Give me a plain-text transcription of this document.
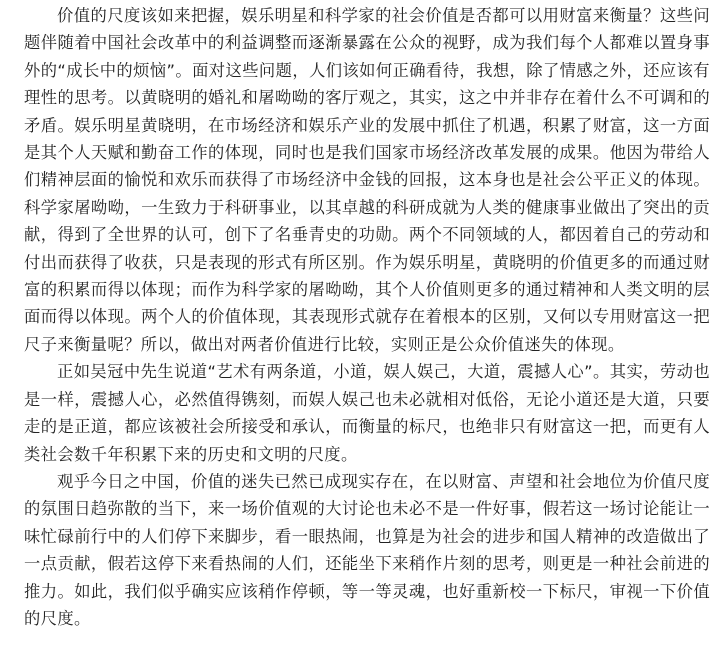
价值的尺度该如来把握，娱乐明星和科学家的社会价值是否都可以用财富来衡量？这些问题伴随着中国社会改革中的利益调整而逐渐暴露在公众的视野，成为我们每个人都难以置身事外的“成长中的烦恼”。面对这些问题，人们该如何正确看待，我想，除了情感之外，还应该有理性的思考。以黄晓明的婚礼和屠呦呦的客厅观之，其实，这之中并非存在着什么不可调和的矛盾。娱乐明星黄晓明，在市场经济和娱乐产业的发展中抓住了机遇，积累了财富，这一方面是其个人天赋和勤奋工作的体现，同时也是我们国家市场经济改革发展的成果。他因为带给人们精神层面的愉悦和欢乐而获得了市场经济中金钱的回报，这本身也是社会公平正义的体现。科学家屠呦呦，一生致力于科研事业，以其卓越的科研成就为人类的健康事业做出了突出的贡献，得到了全世界的认可，创下了名垂青史的功勋。两个不同领域的人，都因着自己的劳动和付出而获得了收获，只是表现的形式有所区别。作为娱乐明星，黄晓明的价值更多的而通过财富的积累而得以体现；而作为科学家的屠呦呦，其个人价值则更多的通过精神和人类文明的层面而得以体现。两个人的价值体现，其表现形式就存在着根本的区别，又何以专用财富这一把尺子来衡量呢？所以，做出对两者价值进行比较，实则正是公众价值迷失的体现。

正如吴冠中先生说道“艺术有两条道，小道，娱人娱己，大道，震撼人心”。其实，劳动也是一样，震撼人心，必然值得镌刻，而娱人娱己也未必就相对低俗，无论小道还是大道，只要走的是正道，都应该被社会所接受和承认，而衡量的标尺，也绝非只有财富这一把，而更有人类社会数千年积累下来的历史和文明的尺度。

观乎今日之中国，价值的迷失已然已成现实存在，在以财富、声望和社会地位为价值尺度的氛围日趋弥散的当下，来一场价值观的大讨论也未必不是一件好事，假若这一场讨论能让一味忙碌前行中的人们停下来脚步，看一眼热闹，也算是为社会的进步和国人精神的改造做出了一点贡献，假若这停下来看热闹的人们，还能坐下来稍作片刻的思考，则更是一种社会前进的推力。如此，我们似乎确实应该稍作停顿，等一等灵魂，也好重新校一下标尺，审视一下价值的尺度。
